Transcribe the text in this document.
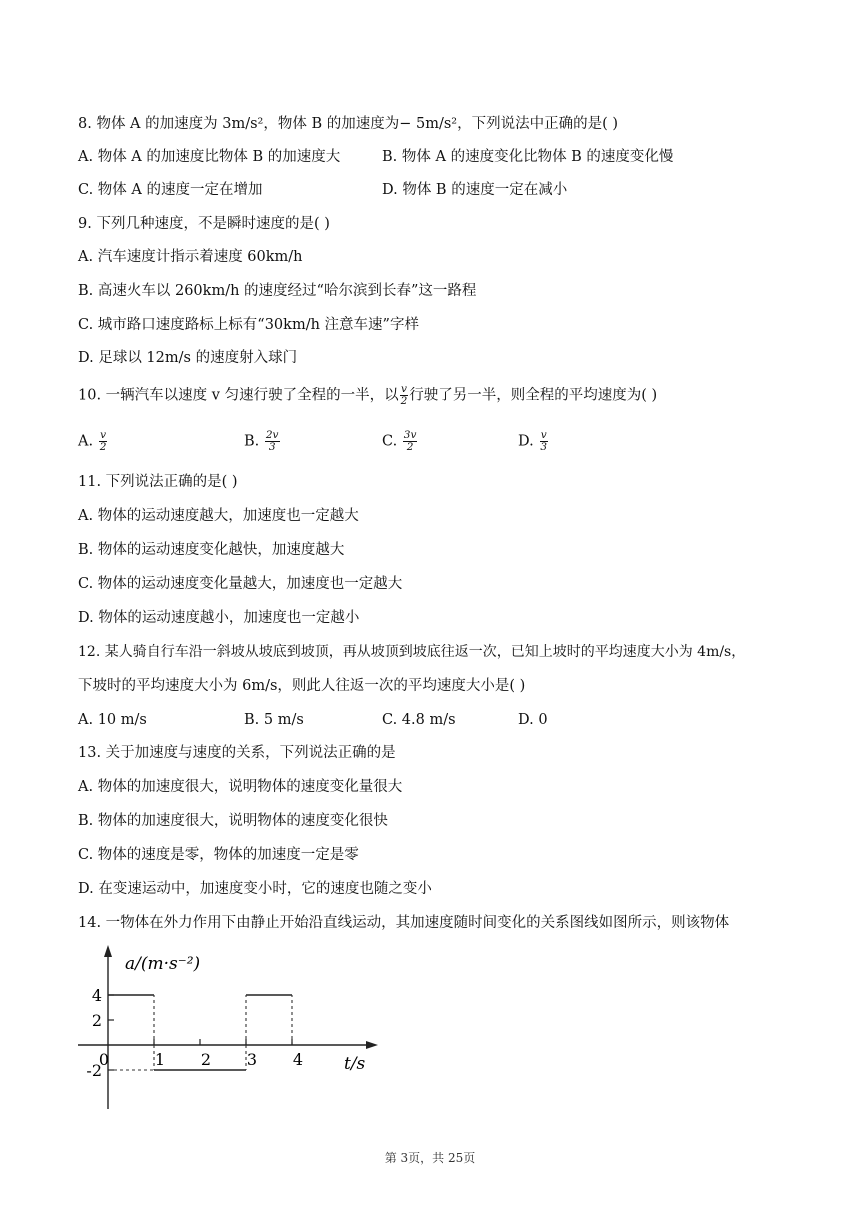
8. 物体 A 的加速度为 3m/s²，物体 B 的加速度为− 5m/s²，下列说法中正确的是( )
A. 物体 A 的加速度比物体 B 的加速度大	B. 物体 A 的速度变化比物体 B 的速度变化慢
C. 物体 A 的速度一定在增加	D. 物体 B 的速度一定在减小
9. 下列几种速度，不是瞬时速度的是( )
A. 汽车速度计指示着速度 60km/h
B. 高速火车以 260km/h 的速度经过“哈尔滨到长春”这一路程
C. 城市路口速度路标上标有“30km/h 注意车速”字样
D. 足球以 12m/s 的速度射入球门
10. 一辆汽车以速度 v 匀速行驶了全程的一半，以 $\frac{v}{2}$ 行驶了另一半，则全程的平均速度为( )
A. $\frac{v}{2}$	B. $\frac{2v}{3}$	C. $\frac{3v}{2}$	D. $\frac{v}{3}$
11. 下列说法正确的是( )
A. 物体的运动速度越大，加速度也一定越大
B. 物体的运动速度变化越快，加速度越大
C. 物体的运动速度变化量越大，加速度也一定越大
D. 物体的运动速度越小，加速度也一定越小
12. 某人骑自行车沿一斜坡从坡底到坡顶，再从坡顶到坡底往返一次，已知上坡时的平均速度大小为 4m/s，
下坡时的平均速度大小为 6m/s，则此人往返一次的平均速度大小是( )
A. 10 m/s	B. 5 m/s	C. 4.8 m/s	D. 0
13. 关于加速度与速度的关系，下列说法正确的是
A. 物体的加速度很大，说明物体的速度变化量很大
B. 物体的加速度很大，说明物体的速度变化很快
C. 物体的速度是零，物体的加速度一定是零
D. 在变速运动中，加速度变小时，它的速度也随之变小
14. 一物体在外力作用下由静止开始沿直线运动，其加速度随时间变化的关系图线如图所示，则该物体
a/(m·s⁻²)
t/s
4
2
-2
0	1 2 3 4
第 3页，共 25页
